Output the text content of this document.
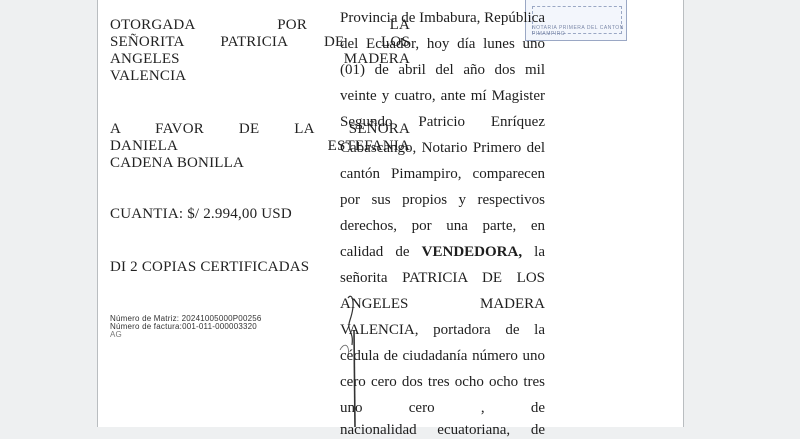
NOTARIA PRIMERA DEL CANTON PIMAMPIRO
OTORGADA POR LA
SEÑORITA PATRICIA DE LOS
ANGELES MADERA
VALENCIA
A FAVOR DE LA SEÑORA
DANIELA ESTEFANIA
CADENA BONILLA
CUANTIA: $/ 2.994,00 USD
DI 2 COPIAS CERTIFICADAS
Número de Matriz: 20241005000P00256
Número de factura:001-011-000003320
AG
Provincia de Imbabura, República
del Ecuador, hoy día lunes uno
(01) de abril del año dos mil
veinte y cuatro, ante mí Magister
Segundo Patricio Enríquez
Cabascango, Notario Primero del
cantón Pimampiro, comparecen
por sus propios y respectivos
derechos, por una parte, en
calidad de VENDEDORA, la
señorita PATRICIA DE LOS
ANGELES MADERA
VALENCIA, portadora de la
cédula de ciudadanía número uno
cero cero dos tres ocho ocho tres
uno cero , de
nacionalidad ecuatoriana, de
